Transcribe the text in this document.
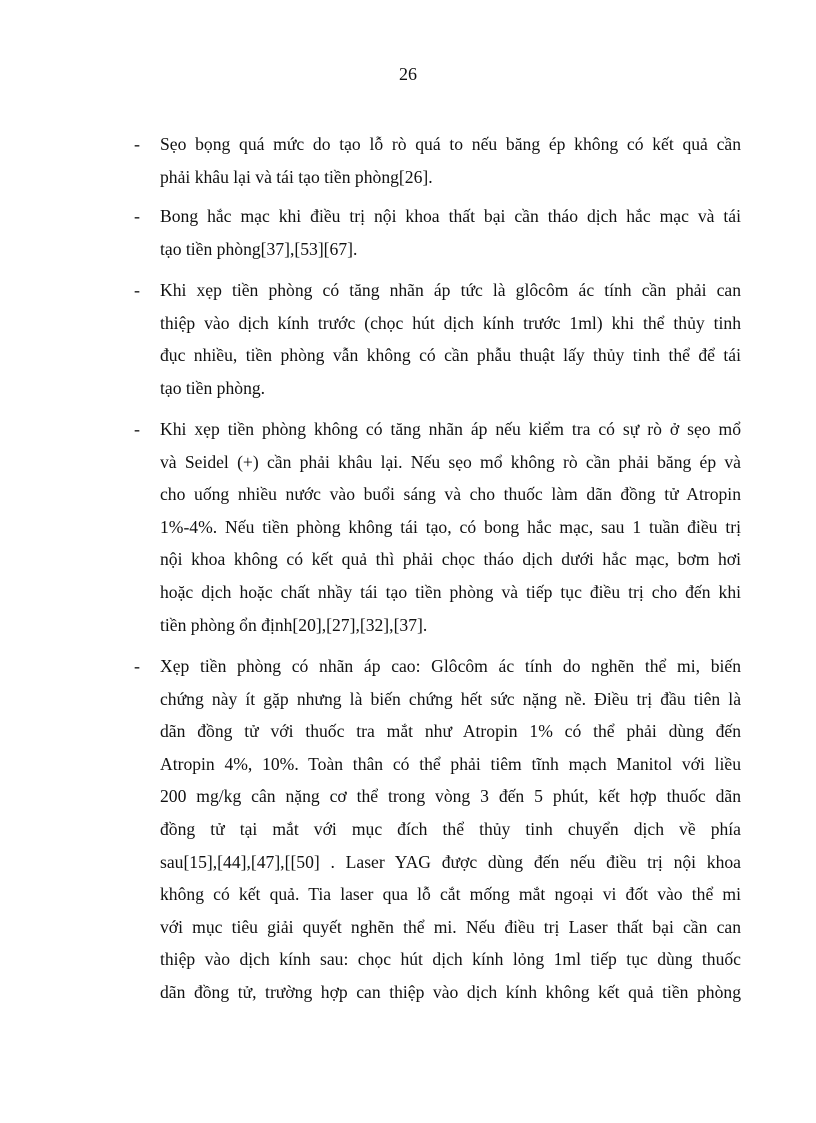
26
-	Sẹo bọng quá mức do tạo lỗ rò quá to nếu băng ép không có kết quả cần
phải khâu lại và tái tạo tiền phòng[26].
-	Bong hắc mạc khi điều trị nội khoa thất bại cần tháo dịch hắc mạc và tái
tạo tiền phòng[37],[53][67].
-	Khi xẹp tiền phòng có tăng nhãn áp tức là glôcôm ác tính cần phải can
thiệp vào dịch kính trước (chọc hút dịch kính trước 1ml) khi thể thủy tinh
đục nhiều, tiền phòng vẫn không có cần phẫu thuật lấy thủy tinh thể để tái
tạo tiền phòng.
-	Khi xẹp tiền phòng không có tăng nhãn áp nếu kiểm tra có sự rò ở sẹo mổ
và Seidel (+) cần phải khâu lại. Nếu sẹo mổ không rò cần phải băng ép và
cho uống nhiều nước vào buổi sáng và cho thuốc làm dãn đồng tử Atropin
1%-4%. Nếu tiền phòng không tái tạo, có bong hắc mạc, sau 1 tuần điều trị
nội khoa không có kết quả thì phải chọc tháo dịch dưới hắc mạc, bơm hơi
hoặc dịch hoặc chất nhầy tái tạo tiền phòng và tiếp tục điều trị cho đến khi
tiền phòng ổn định[20],[27],[32],[37].
-	Xẹp tiền phòng có nhãn áp cao: Glôcôm ác tính do nghẽn thể mi, biến
chứng này ít gặp nhưng là biến chứng hết sức nặng nề. Điều trị đầu tiên là
dãn đồng tử với thuốc tra mắt như Atropin 1% có thể phải dùng đến
Atropin 4%, 10%. Toàn thân có thể phải tiêm tĩnh mạch Manitol với liều
200 mg/kg cân nặng cơ thể trong vòng 3 đến 5 phút, kết hợp thuốc dãn
đồng tử tại mắt với mục đích thể thủy tinh chuyển dịch về phía
sau[15],[44],[47],[[50] . Laser YAG được dùng đến nếu điều trị nội khoa
không có kết quả. Tia laser qua lỗ cắt mống mắt ngoại vi đốt vào thể mi
với mục tiêu giải quyết nghẽn thể mi. Nếu điều trị Laser thất bại cần can
thiệp vào dịch kính sau: chọc hút dịch kính lỏng 1ml tiếp tục dùng thuốc
dãn đồng tử, trường hợp can thiệp vào dịch kính không kết quả tiền phòng
